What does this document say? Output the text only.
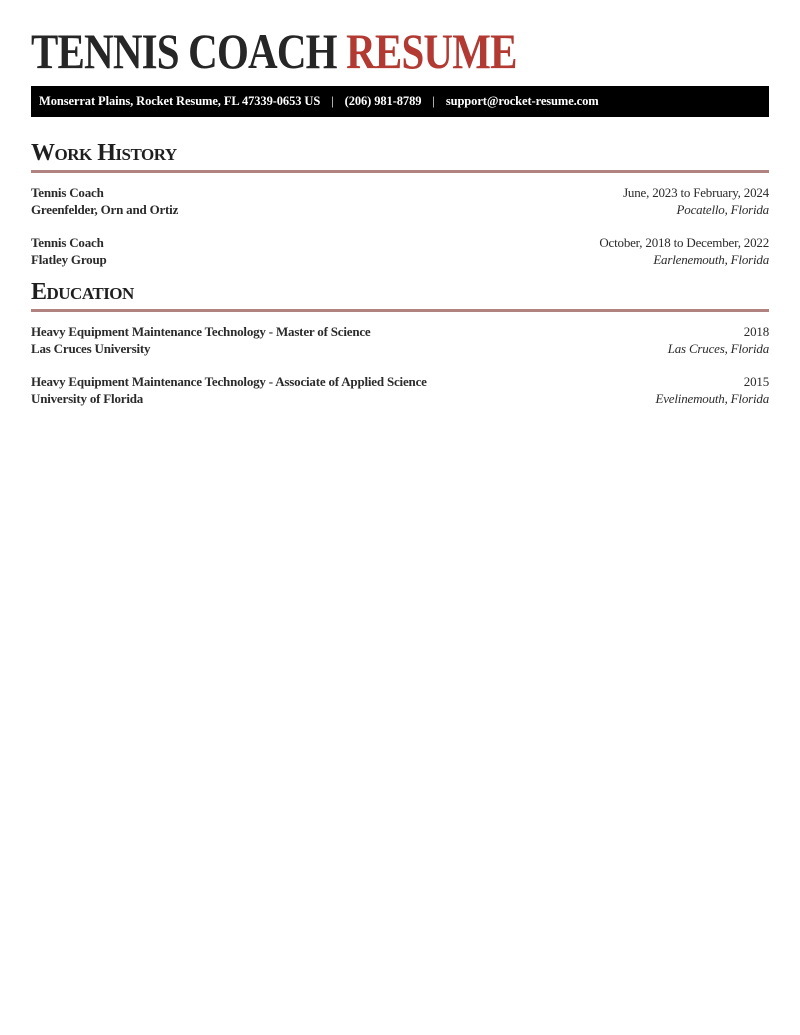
TENNIS COACH RESUME
Monserrat Plains, Rocket Resume, FL 47339-0653 US | (206) 981-8789 | support@rocket-resume.com
Work History
Tennis Coach
Greenfelder, Orn and Ortiz
June, 2023 to February, 2024
Pocatello, Florida
Tennis Coach
Flatley Group
October, 2018 to December, 2022
Earlenemouth, Florida
Education
Heavy Equipment Maintenance Technology - Master of Science
Las Cruces University
2018
Las Cruces, Florida
Heavy Equipment Maintenance Technology - Associate of Applied Science
University of Florida
2015
Evelinemouth, Florida
